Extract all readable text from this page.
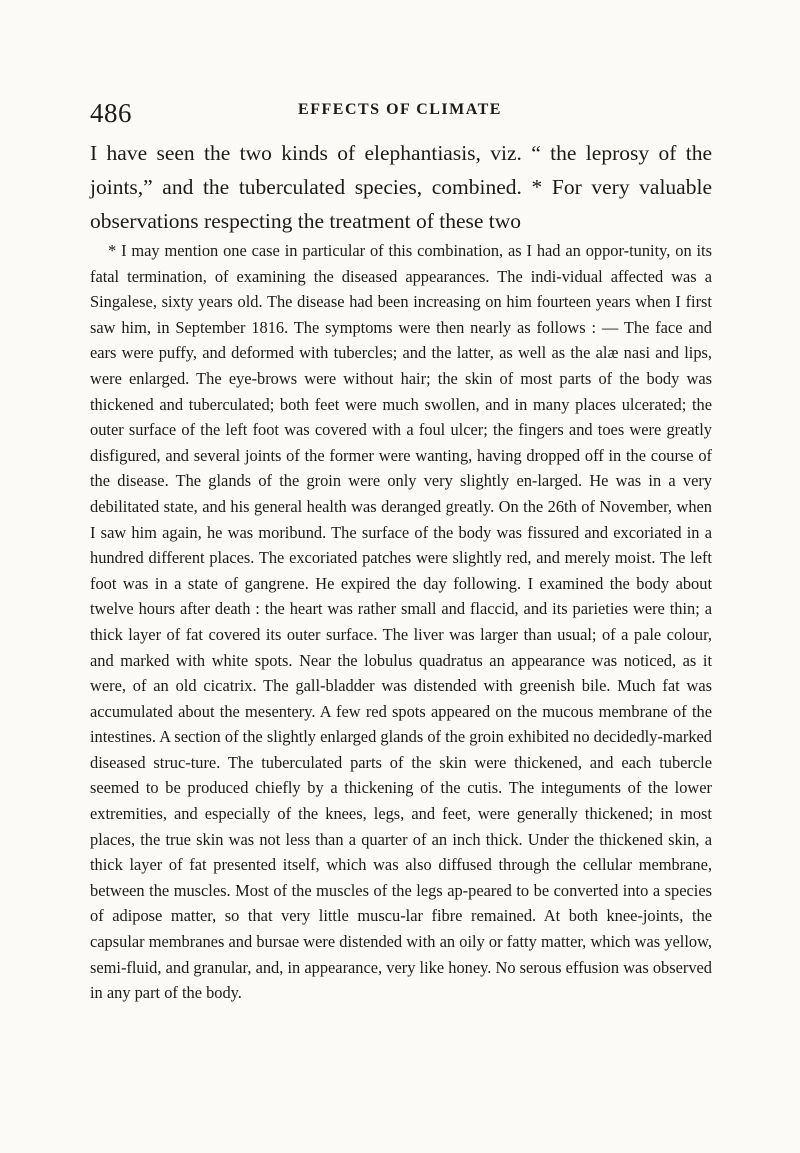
486	EFFECTS OF CLIMATE

I have seen the two kinds of elephantiasis, viz. “ the leprosy of the joints,” and the tuberculated species, combined. * For very valuable observations respecting the treatment of these two

* I may mention one case in particular of this combination, as I had an oppor-tunity, on its fatal termination, of examining the diseased appearances. The indi-vidual affected was a Singalese, sixty years old. The disease had been increasing on him fourteen years when I first saw him, in September 1816. The symptoms were then nearly as follows : — The face and ears were puffy, and deformed with tubercles; and the latter, as well as the alæ nasi and lips, were enlarged. The eye-brows were without hair; the skin of most parts of the body was thickened and tuberculated; both feet were much swollen, and in many places ulcerated; the outer surface of the left foot was covered with a foul ulcer; the fingers and toes were greatly disfigured, and several joints of the former were wanting, having dropped off in the course of the disease. The glands of the groin were only very slightly en-larged. He was in a very debilitated state, and his general health was deranged greatly. On the 26th of November, when I saw him again, he was moribund. The surface of the body was fissured and excoriated in a hundred different places. The excoriated patches were slightly red, and merely moist. The left foot was in a state of gangrene. He expired the day following. I examined the body about twelve hours after death : the heart was rather small and flaccid, and its parieties were thin; a thick layer of fat covered its outer surface. The liver was larger than usual; of a pale colour, and marked with white spots. Near the lobulus quadratus an appearance was noticed, as it were, of an old cicatrix. The gall-bladder was distended with greenish bile. Much fat was accumulated about the mesentery. A few red spots appeared on the mucous membrane of the intestines. A section of the slightly enlarged glands of the groin exhibited no decidedly-marked diseased struc-ture. The tuberculated parts of the skin were thickened, and each tubercle seemed to be produced chiefly by a thickening of the cutis. The integuments of the lower extremities, and especially of the knees, legs, and feet, were generally thickened; in most places, the true skin was not less than a quarter of an inch thick. Under the thickened skin, a thick layer of fat presented itself, which was also diffused through the cellular membrane, between the muscles. Most of the muscles of the legs ap-peared to be converted into a species of adipose matter, so that very little muscu-lar fibre remained. At both knee-joints, the capsular membranes and bursae were distended with an oily or fatty matter, which was yellow, semi-fluid, and granular, and, in appearance, very like honey. No serous effusion was observed in any part of the body.
